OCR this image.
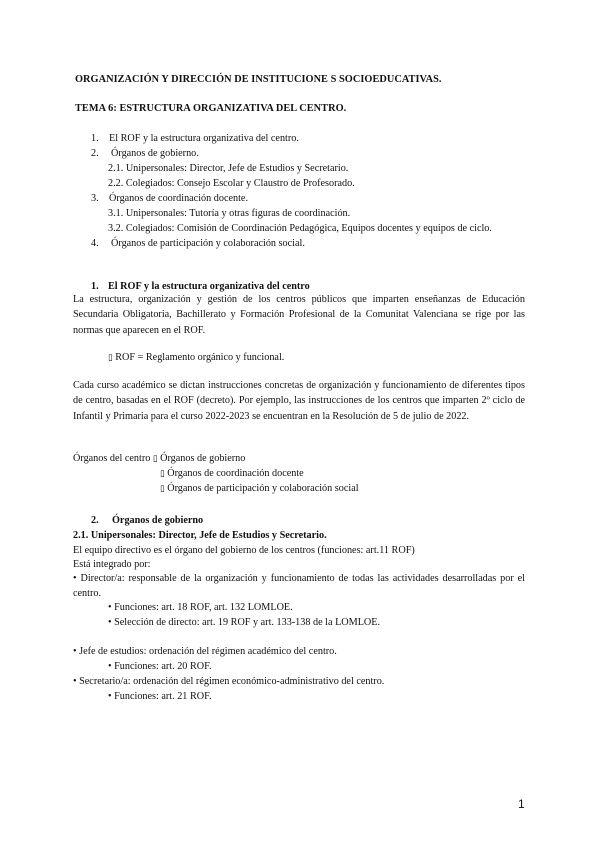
ORGANIZACIÓN Y DIRECCIÓN DE INSTITUCIONE S SOCIOEDUCATIVAS.
TEMA 6: ESTRUCTURA ORGANIZATIVA DEL CENTRO.
1. El ROF y la estructura organizativa del centro.
2. Órganos de gobierno.
2.1. Unipersonales: Director, Jefe de Estudios y Secretario.
2.2. Colegiados: Consejo Escolar y Claustro de Profesorado.
3. Órganos de coordinación docente.
3.1. Unipersonales: Tutoría y otras figuras de coordinación.
3.2. Colegiados: Comisión de Coordinación Pedagógica, Equipos docentes y equipos de ciclo.
4. Órganos de participación y colaboración social.
1. El ROF y la estructura organizativa del centro
La estructura, organización y gestión de los centros públicos que imparten enseñanzas de Educación Secundaria Obligatoria, Bachillerato y Formación Profesional de la Comunitat Valenciana se rige por las normas que aparecen en el ROF.
▯ ROF = Reglamento orgánico y funcional.
Cada curso académico se dictan instrucciones concretas de organización y funcionamiento de diferentes tipos de centro, basadas en el ROF (decreto). Por ejemplo, las instrucciones de los centros que imparten 2º ciclo de Infantil y Primaria para el curso 2022-2023 se encuentran en la Resolución de 5 de julio de 2022.
Órganos del centro ▯ Órganos de gobierno
▯ Órganos de coordinación docente
▯ Órganos de participación y colaboración social
2. Órganos de gobierno
2.1. Unipersonales: Director, Jefe de Estudios y Secretario.
El equipo directivo es el órgano del gobierno de los centros (funciones: art.11 ROF)
Está integrado por:
• Director/a: responsable de la organización y funcionamiento de todas las actividades desarrolladas por el centro.
• Funciones: art. 18 ROF, art. 132 LOMLOE.
• Selección de directo: art. 19 ROF y art. 133-138 de la LOMLOE.
• Jefe de estudios: ordenación del régimen académico del centro.
• Funciones: art. 20 ROF.
• Secretario/a: ordenación del régimen económico-administrativo del centro.
• Funciones: art. 21 ROF.
1
